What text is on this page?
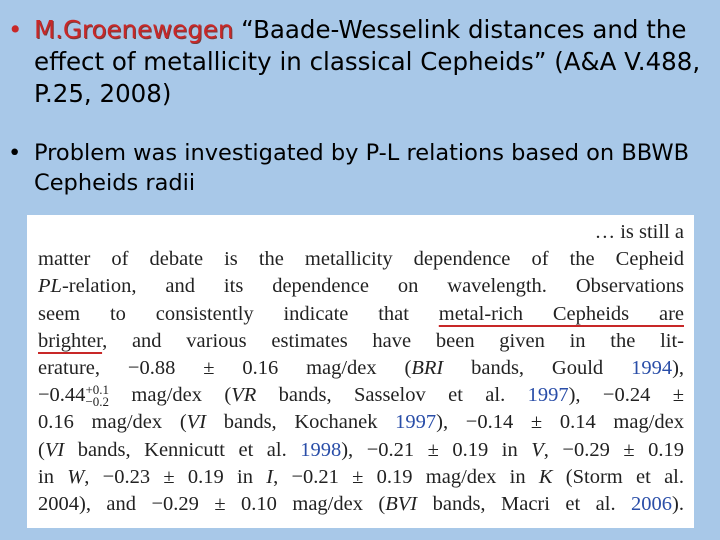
• M.Groenewegen “Baade-Wesselink distances and the effect of metallicity in classical Cepheids” (A&A V.488, P.25, 2008)
• Problem was investigated by P-L relations based on BBWB Cepheids radii
… is still a
matter of debate is the metallicity dependence of the Cepheid
PL-relation, and its dependence on wavelength. Observations
seem to consistently indicate that metal-rich Cepheids are
brighter, and various estimates have been given in the lit-
erature, −0.88 ± 0.16 mag/dex (BRI bands, Gould 1994),
−0.44+0.1
−0.2 mag/dex (VR bands, Sasselov et al. 1997), −0.24 ±
0.16 mag/dex (VI bands, Kochanek 1997), −0.14 ± 0.14 mag/dex
(VI bands, Kennicutt et al. 1998), −0.21 ± 0.19 in V, −0.29 ± 0.19
in W, −0.23 ± 0.19 in I, −0.21 ± 0.19 mag/dex in K (Storm et al.
2004), and −0.29 ± 0.10 mag/dex (BVI bands, Macri et al. 2006).
